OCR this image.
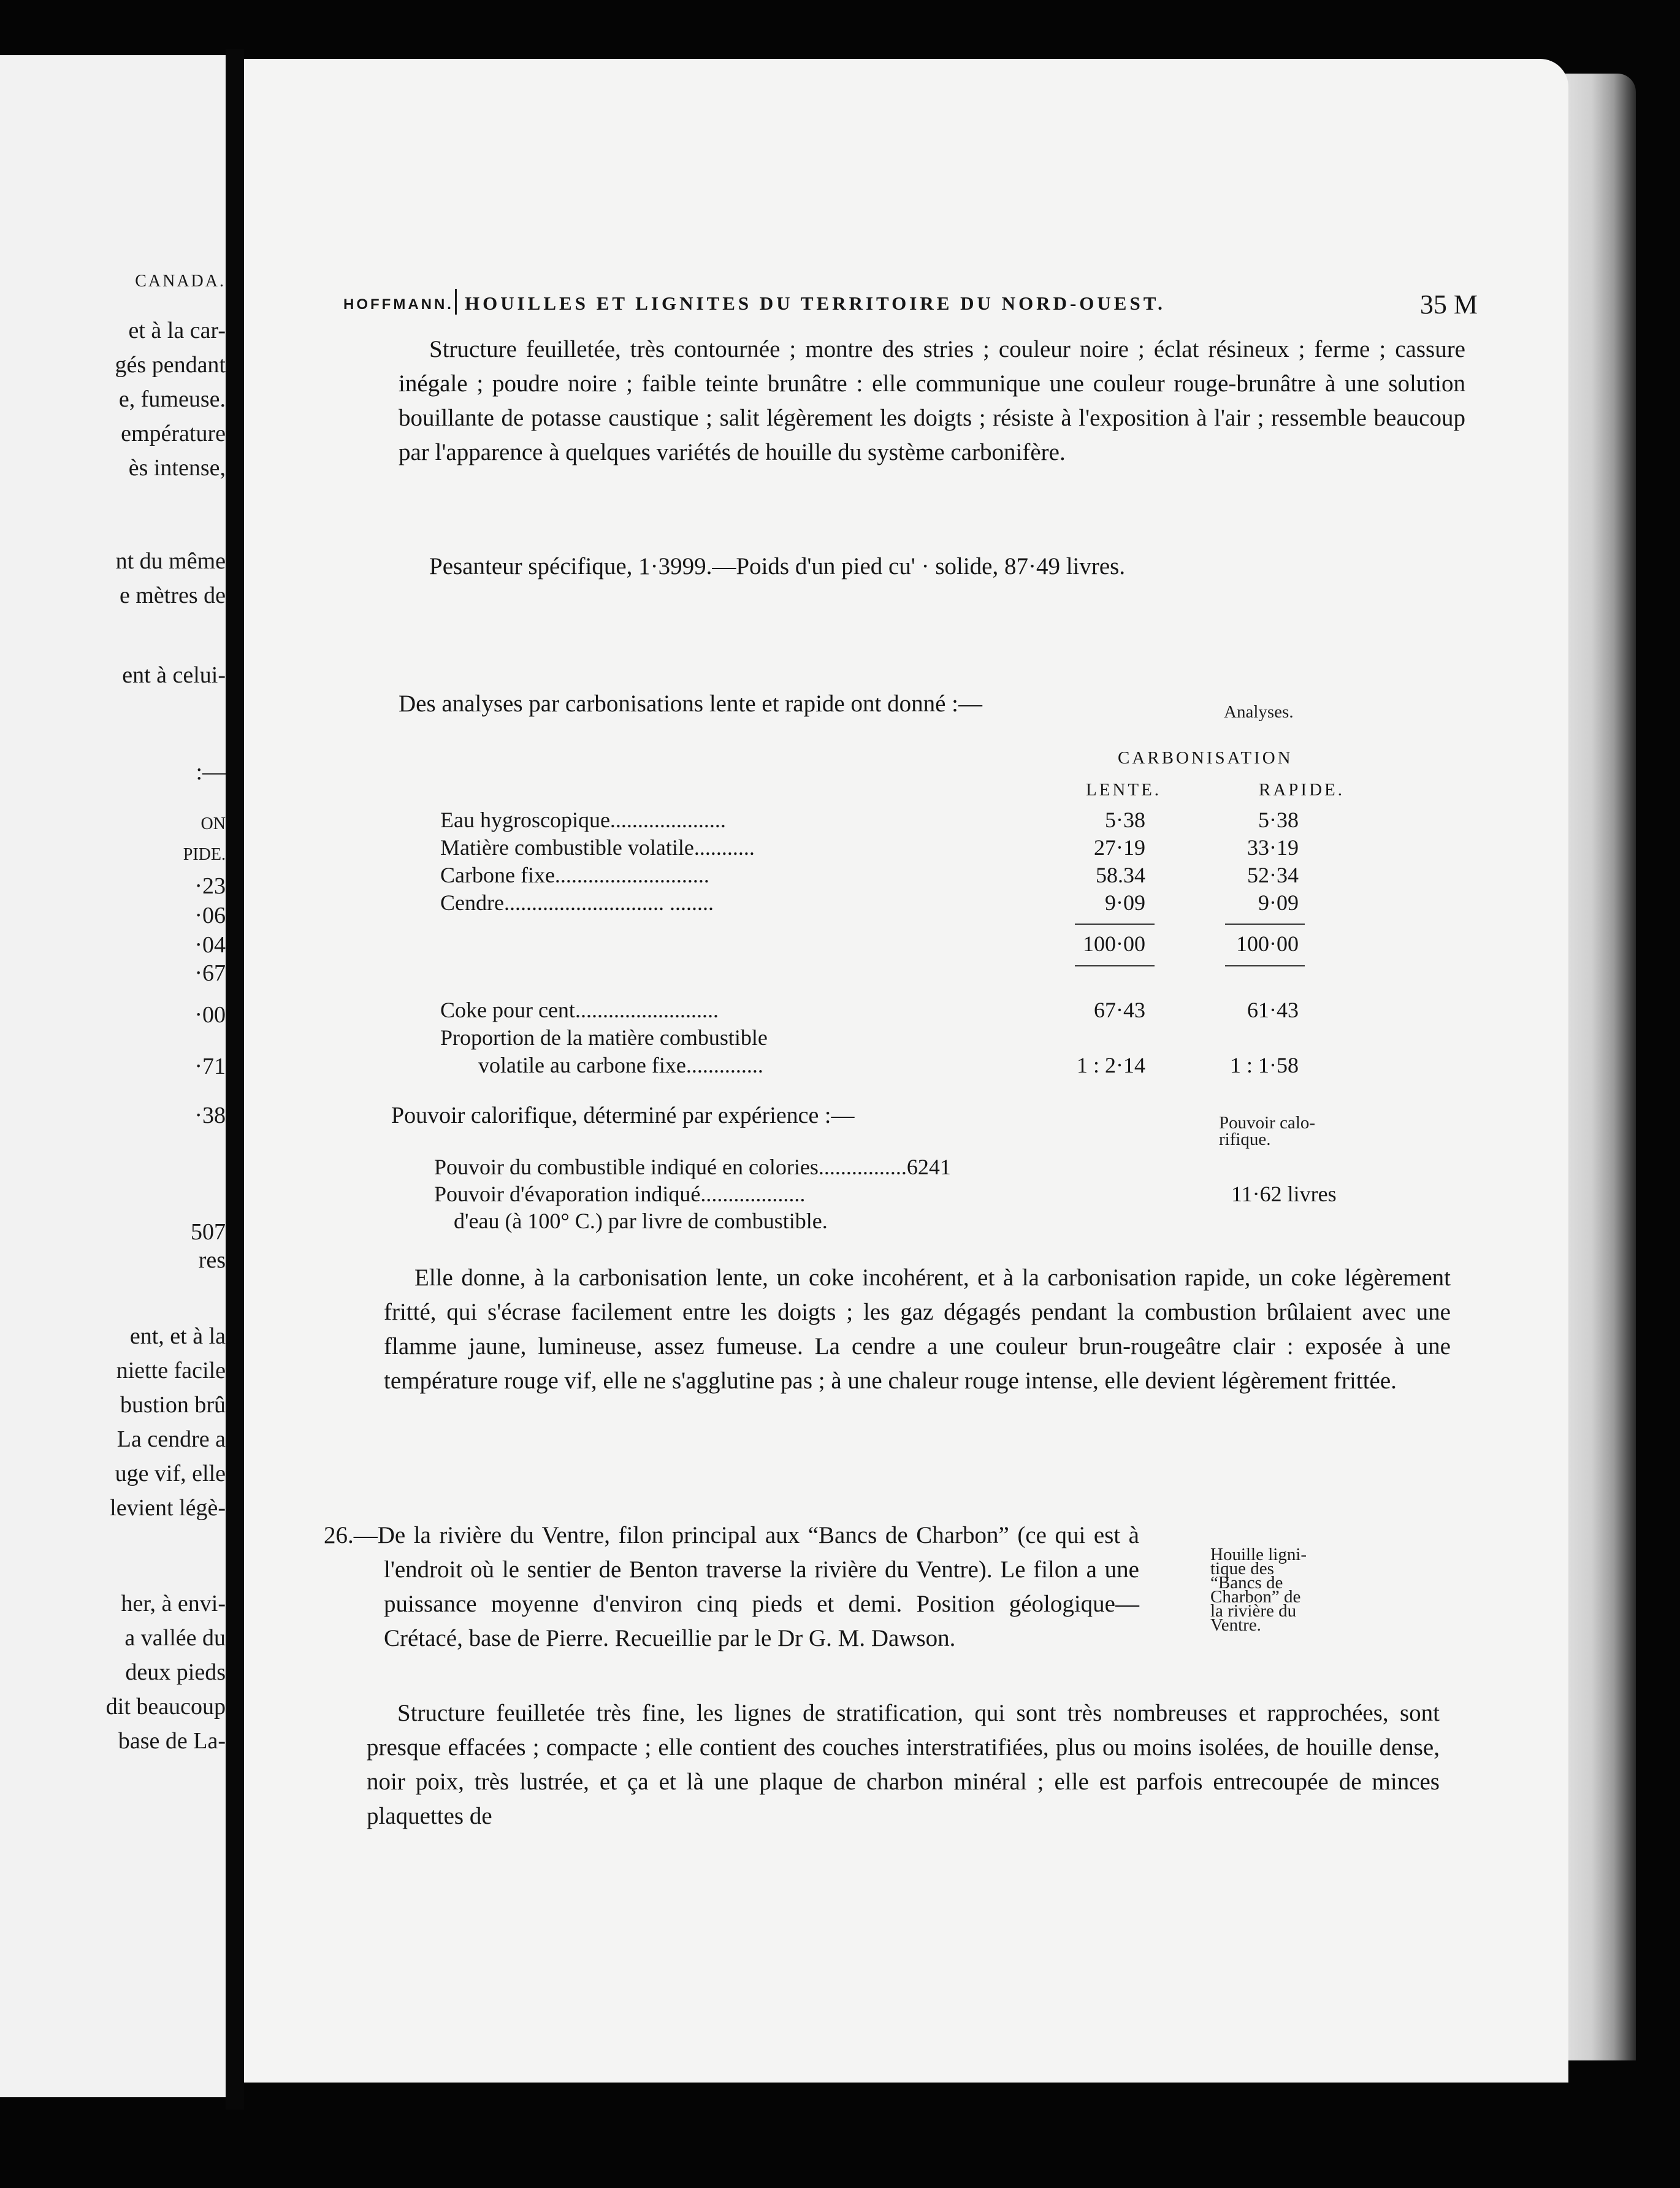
CANADA.
et à la car-
gés pendant
e, fumeuse.
empérature
ès intense,
nt du même
e mètres de
ent à celui-
:—
ON
PIDE.
·23
·06
·04
·67
·00
·71
·38
507
res
ent, et à la
niette facile
bustion brû
La cendre a
uge vif, elle
levient légè-
her, à envi-
a vallée du
deux pieds
dit beaucoup
base de La-
HOFFMANN. HOUILLES ET LIGNITES DU TERRITOIRE DU NORD-OUEST.	35 M

Structure feuilletée, très contournée ; montre des stries ; couleur noire ; éclat résineux ; ferme ; cassure inégale ; poudre noire ; faible teinte brunâtre : elle communique une couleur rouge-brunâtre à une solution bouillante de potasse caustique ; salit légèrement les doigts ; résiste à l'exposition à l'air ; ressemble beaucoup par l'apparence à quelques variétés de houille du système carbonifère.

Pesanteur spécifique, 1·3999.—Poids d'un pied cu' · solide, 87·49 livres.

Des analyses par carbonisations lente et rapide ont donné :—	Analyses.
CARBONISATION
LENTE.	RAPIDE.
Eau hygroscopique.....................	5·38	5·38
Matière combustible volatile...........	27·19	33·19
Carbone fixe............................	58.34	52·34
Cendre............................. ........	9·09	9·09
100·00	100·00
Coke pour cent..........................	67·43	61·43
Proportion de la matière combustible
volatile au carbone fixe..............	1 : 2·14	1 : 1·58

Pouvoir calorifique, déterminé par expérience :—	Pouvoir calo-
rifique.
Pouvoir du combustible indiqué en colories................6241
Pouvoir d'évaporation indiqué...................	11·62 livres
d'eau (à 100° C.) par livre de combustible.

Elle donne, à la carbonisation lente, un coke incohérent, et à la carbonisation rapide, un coke légèrement fritté, qui s'écrase facilement entre les doigts ; les gaz dégagés pendant la combustion brûlaient avec une flamme jaune, lumineuse, assez fumeuse. La cendre a une couleur brun-rougeâtre clair : exposée à une température rouge vif, elle ne s'agglutine pas ; à une chaleur rouge intense, elle devient légèrement frittée.

26.—De la rivière du Ventre, filon principal aux “Bancs de Charbon” (ce qui est à l'endroit où le sentier de Benton traverse la rivière du Ventre). Le filon a une puissance moyenne d'environ cinq pieds et demi. Position géologique—Crétacé, base de Pierre. Recueillie par le Dr G. M. Dawson.

Houille ligni-
tique des
“Bancs de
Charbon” de
la rivière du
Ventre.

Structure feuilletée très fine, les lignes de stratification, qui sont très nombreuses et rapprochées, sont presque effacées ; compacte ; elle contient des couches interstratifiées, plus ou moins isolées, de houille dense, noir poix, très lustrée, et ça et là une plaque de charbon minéral ; elle est parfois entrecoupée de minces plaquettes de
